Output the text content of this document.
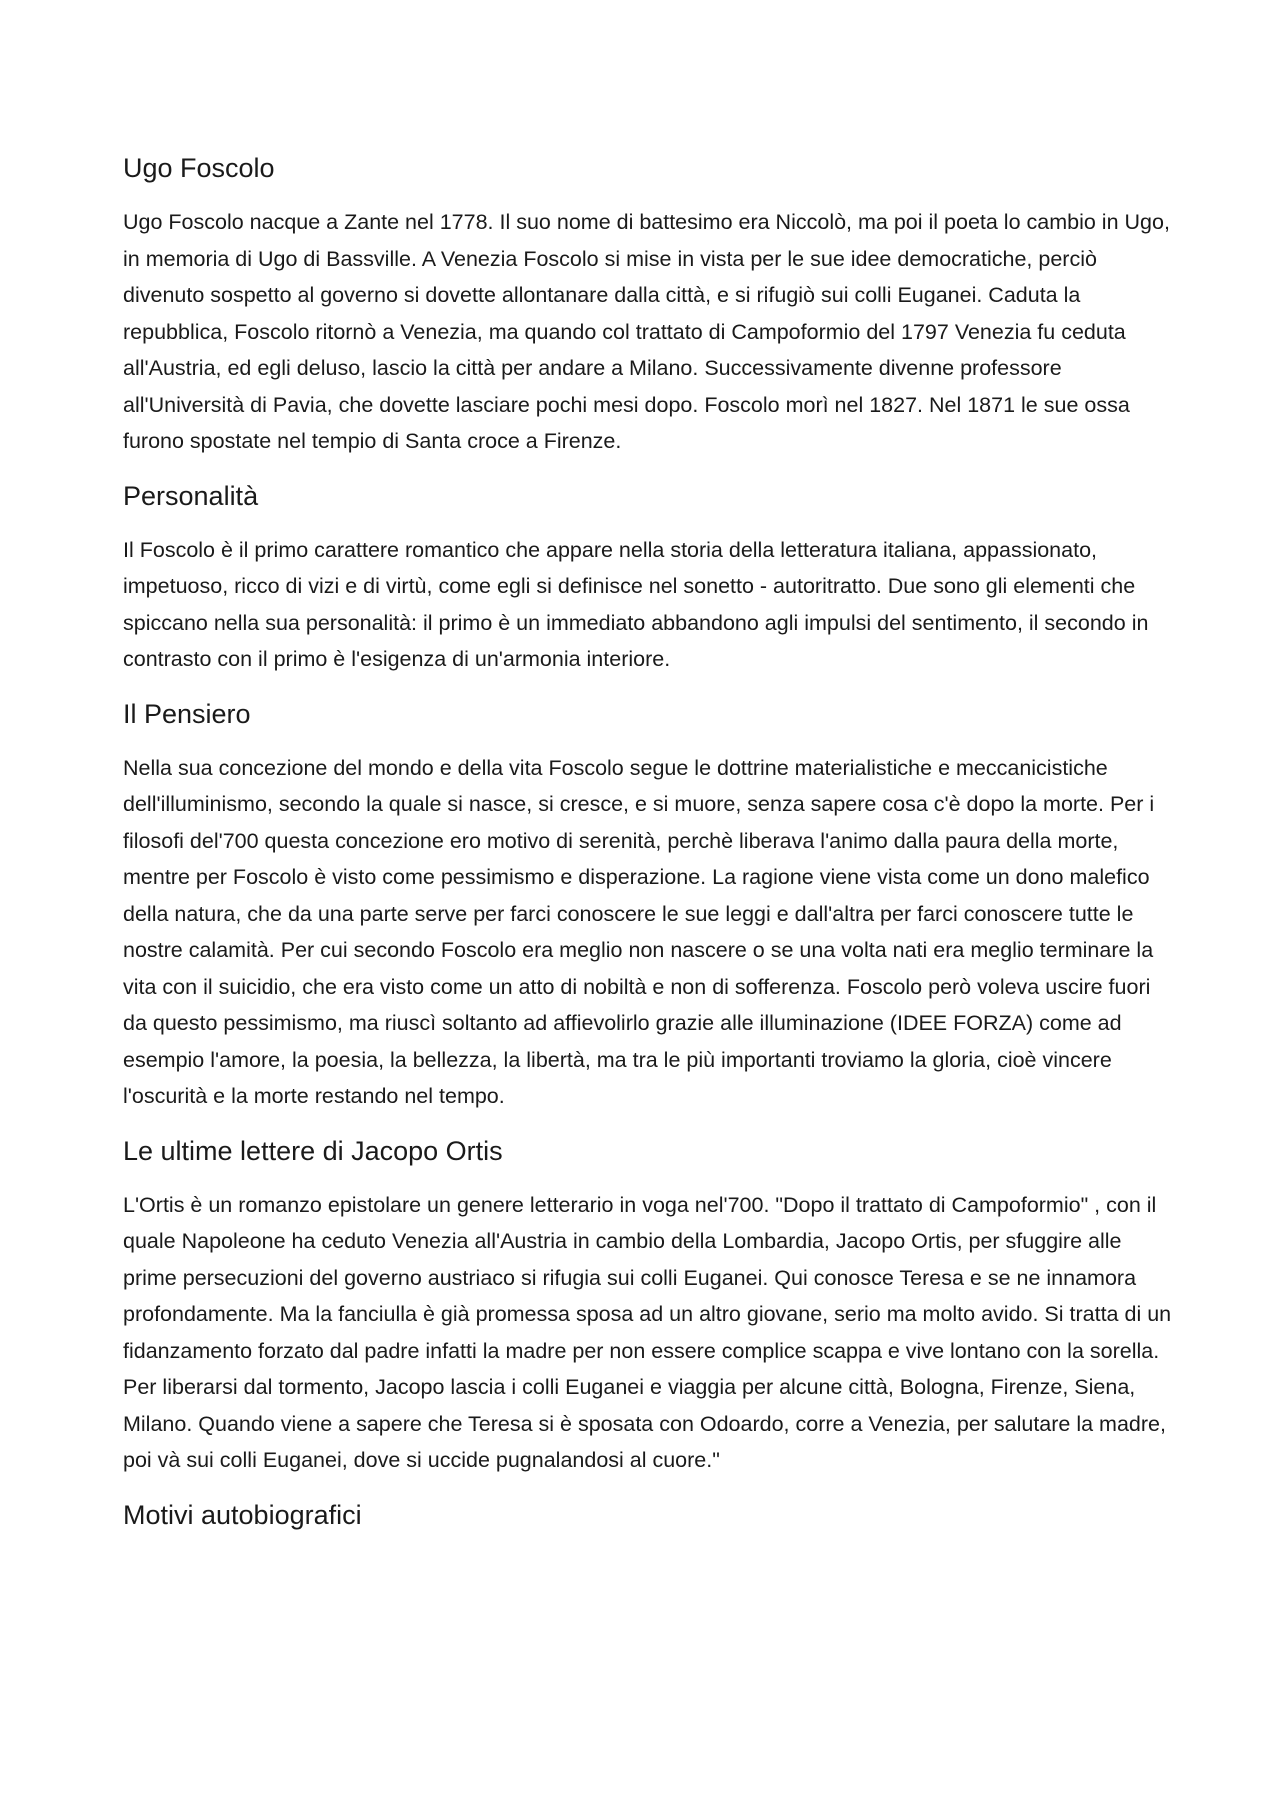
Ugo Foscolo

Ugo Foscolo nacque a Zante nel 1778. Il suo nome di battesimo era Niccolò, ma poi il poeta lo cambio in Ugo, in memoria di Ugo di Bassville. A Venezia Foscolo si mise in vista per le sue idee democratiche, perciò divenuto sospetto al governo si dovette allontanare dalla città, e si rifugiò sui colli Euganei. Caduta la repubblica, Foscolo ritornò a Venezia, ma quando col trattato di Campoformio del 1797 Venezia fu ceduta all'Austria, ed egli deluso, lascio la città per andare a Milano. Successivamente divenne professore all'Università di Pavia, che dovette lasciare pochi mesi dopo. Foscolo morì nel 1827. Nel 1871 le sue ossa furono spostate nel tempio di Santa croce a Firenze.

Personalità

Il Foscolo è il primo carattere romantico che appare nella storia della letteratura italiana, appassionato, impetuoso, ricco di vizi e di virtù, come egli si definisce nel sonetto - autoritratto. Due sono gli elementi che spiccano nella sua personalità: il primo è un immediato abbandono agli impulsi del sentimento, il secondo in contrasto con il primo è l'esigenza di un'armonia interiore.

Il Pensiero

Nella sua concezione del mondo e della vita Foscolo segue le dottrine materialistiche e meccanicistiche dell'illuminismo, secondo la quale si nasce, si cresce, e si muore, senza sapere cosa c'è dopo la morte. Per i filosofi del'700 questa concezione ero motivo di serenità, perchè liberava l'animo dalla paura della morte, mentre per Foscolo è visto come pessimismo e disperazione. La ragione viene vista come un dono malefico della natura, che da una parte serve per farci conoscere le sue leggi e dall'altra per farci conoscere tutte le nostre calamità. Per cui secondo Foscolo era meglio non nascere o se una volta nati era meglio terminare la vita con il suicidio, che era visto come un atto di nobiltà e non di sofferenza. Foscolo però voleva uscire fuori da questo pessimismo, ma riuscì soltanto ad affievolirlo grazie alle illuminazione (IDEE FORZA) come ad esempio l'amore, la poesia, la bellezza, la libertà, ma tra le più importanti troviamo la gloria, cioè vincere l'oscurità e la morte restando nel tempo.

Le ultime lettere di Jacopo Ortis

L'Ortis è un romanzo epistolare un genere letterario in voga nel'700. "Dopo il trattato di Campoformio" , con il quale Napoleone ha ceduto Venezia all'Austria in cambio della Lombardia, Jacopo Ortis, per sfuggire alle prime persecuzioni del governo austriaco si rifugia sui colli Euganei. Qui conosce Teresa e se ne innamora profondamente. Ma la fanciulla è già promessa sposa ad un altro giovane, serio ma molto avido. Si tratta di un fidanzamento forzato dal padre infatti la madre per non essere complice scappa e vive lontano con la sorella. Per liberarsi dal tormento, Jacopo lascia i colli Euganei e viaggia per alcune città, Bologna, Firenze, Siena, Milano. Quando viene a sapere che Teresa si è sposata con Odoardo, corre a Venezia, per salutare la madre, poi và sui colli Euganei, dove si uccide pugnalandosi al cuore."

Motivi autobiografici
